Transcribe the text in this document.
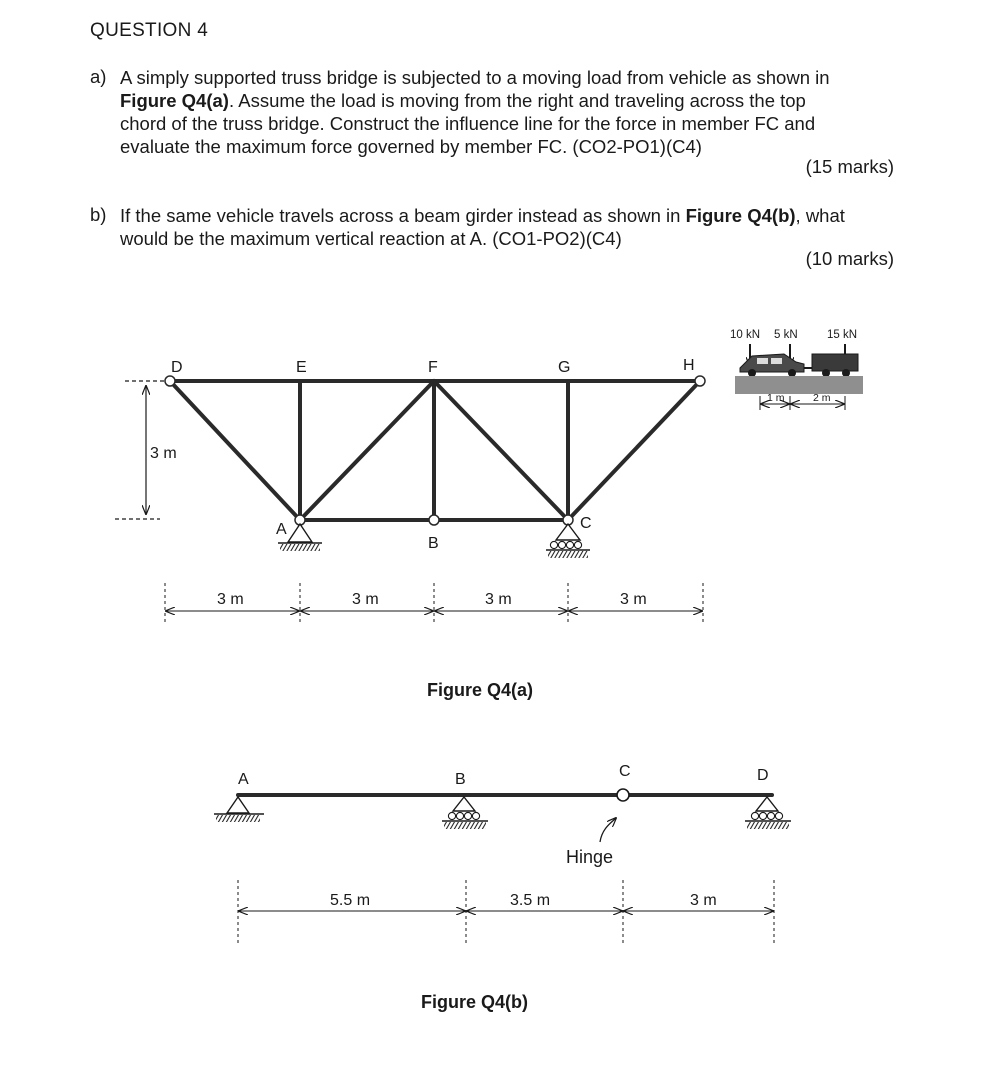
QUESTION 4
a) A simply supported truss bridge is subjected to a moving load from vehicle as shown in
Figure Q4(a). Assume the load is moving from the right and traveling across the top
chord of the truss bridge. Construct the influence line for the force in member FC and
evaluate the maximum force governed by member FC. (CO2-PO1)(C4)
(15 marks)
b) If the same vehicle travels across a beam girder instead as shown in Figure Q4(b), what
would be the maximum vertical reaction at A. (CO1-PO2)(C4)
(10 marks)
3 m
D	E	F	G	H
A
B
C
3 m	3 m	3 m	3 m
Figure Q4(a)
10 kN 5 kN	15 kN
1 m	2 m
Hinge
A	B	C	D
5.5 m	3.5 m	3 m
Figure Q4(b)
